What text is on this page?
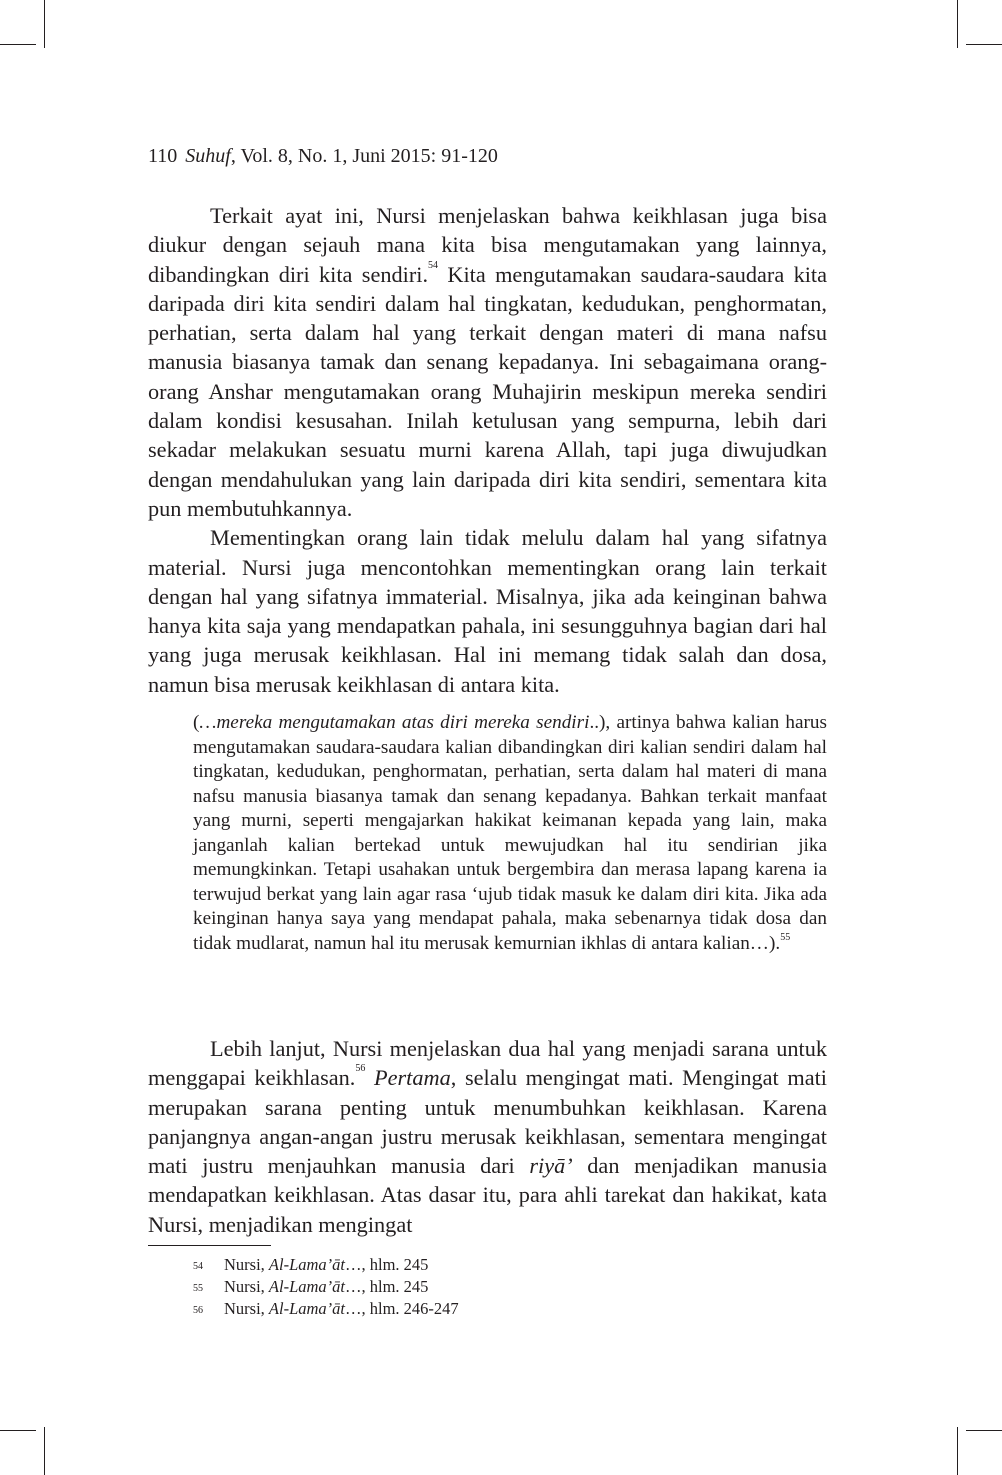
110 Suhuf, Vol. 8, No. 1, Juni 2015: 91-120

Terkait ayat ini, Nursi menjelaskan bahwa keikhlasan juga bisa diukur dengan sejauh mana kita bisa mengutamakan yang lainnya, dibandingkan diri kita sendiri.$^{54}$ Kita mengutamakan saudara-saudara kita daripada diri kita sendiri dalam hal tingkatan, kedudukan, penghormatan, perhatian, serta dalam hal yang terkait dengan materi di mana nafsu manusia biasanya tamak dan senang kepadanya. Ini sebagaimana orang-orang Anshar mengutamakan orang Muhajirin meskipun mereka sendiri dalam kondisi kesusahan. Inilah ketulusan yang sempurna, lebih dari sekadar melakukan sesuatu murni karena Allah, tapi juga diwujudkan dengan mendahulukan yang lain daripada diri kita sendiri, sementara kita pun membutuhkannya.

Mementingkan orang lain tidak melulu dalam hal yang sifatnya material. Nursi juga mencontohkan mementingkan orang lain terkait dengan hal yang sifatnya immaterial. Misalnya, jika ada keinginan bahwa hanya kita saja yang mendapatkan pahala, ini sesungguhnya bagian dari hal yang juga merusak keikhlasan. Hal ini memang tidak salah dan dosa, namun bisa merusak keikhlasan di antara kita.

(…mereka mengutamakan atas diri mereka sendiri..), artinya bahwa kalian harus mengutamakan saudara-saudara kalian dibandingkan diri kalian sendiri dalam hal tingkatan, kedudukan, penghormatan, perhatian, serta dalam hal materi di mana nafsu manusia biasanya tamak dan senang kepadanya. Bahkan terkait manfaat yang murni, seperti mengajarkan hakikat keimanan kepada yang lain, maka janganlah kalian bertekad untuk mewujudkan hal itu sendirian jika memungkinkan. Tetapi usahakan untuk bergembira dan merasa lapang karena ia terwujud berkat yang lain agar rasa ‘ujub tidak masuk ke dalam diri kita. Jika ada keinginan hanya saya yang mendapat pahala, maka sebenarnya tidak dosa dan tidak mudlarat, namun hal itu merusak kemurnian ikhlas di antara kalian…).$^{55}$

Lebih lanjut, Nursi menjelaskan dua hal yang menjadi sarana untuk menggapai keikhlasan.$^{56}$ Pertama, selalu mengingat mati. Mengingat mati merupakan sarana penting untuk menumbuhkan keikhlasan. Karena panjangnya angan-angan justru merusak keikhlasan, sementara mengingat mati justru menjauhkan manusia dari riyā’ dan menjadikan manusia mendapatkan keikhlasan. Atas dasar itu, para ahli tarekat dan hakikat, kata Nursi, menjadikan mengingat

54 Nursi, Al-Lama’āt…, hlm. 245
55 Nursi, Al-Lama’āt…, hlm. 245
56 Nursi, Al-Lama’āt…, hlm. 246-247
